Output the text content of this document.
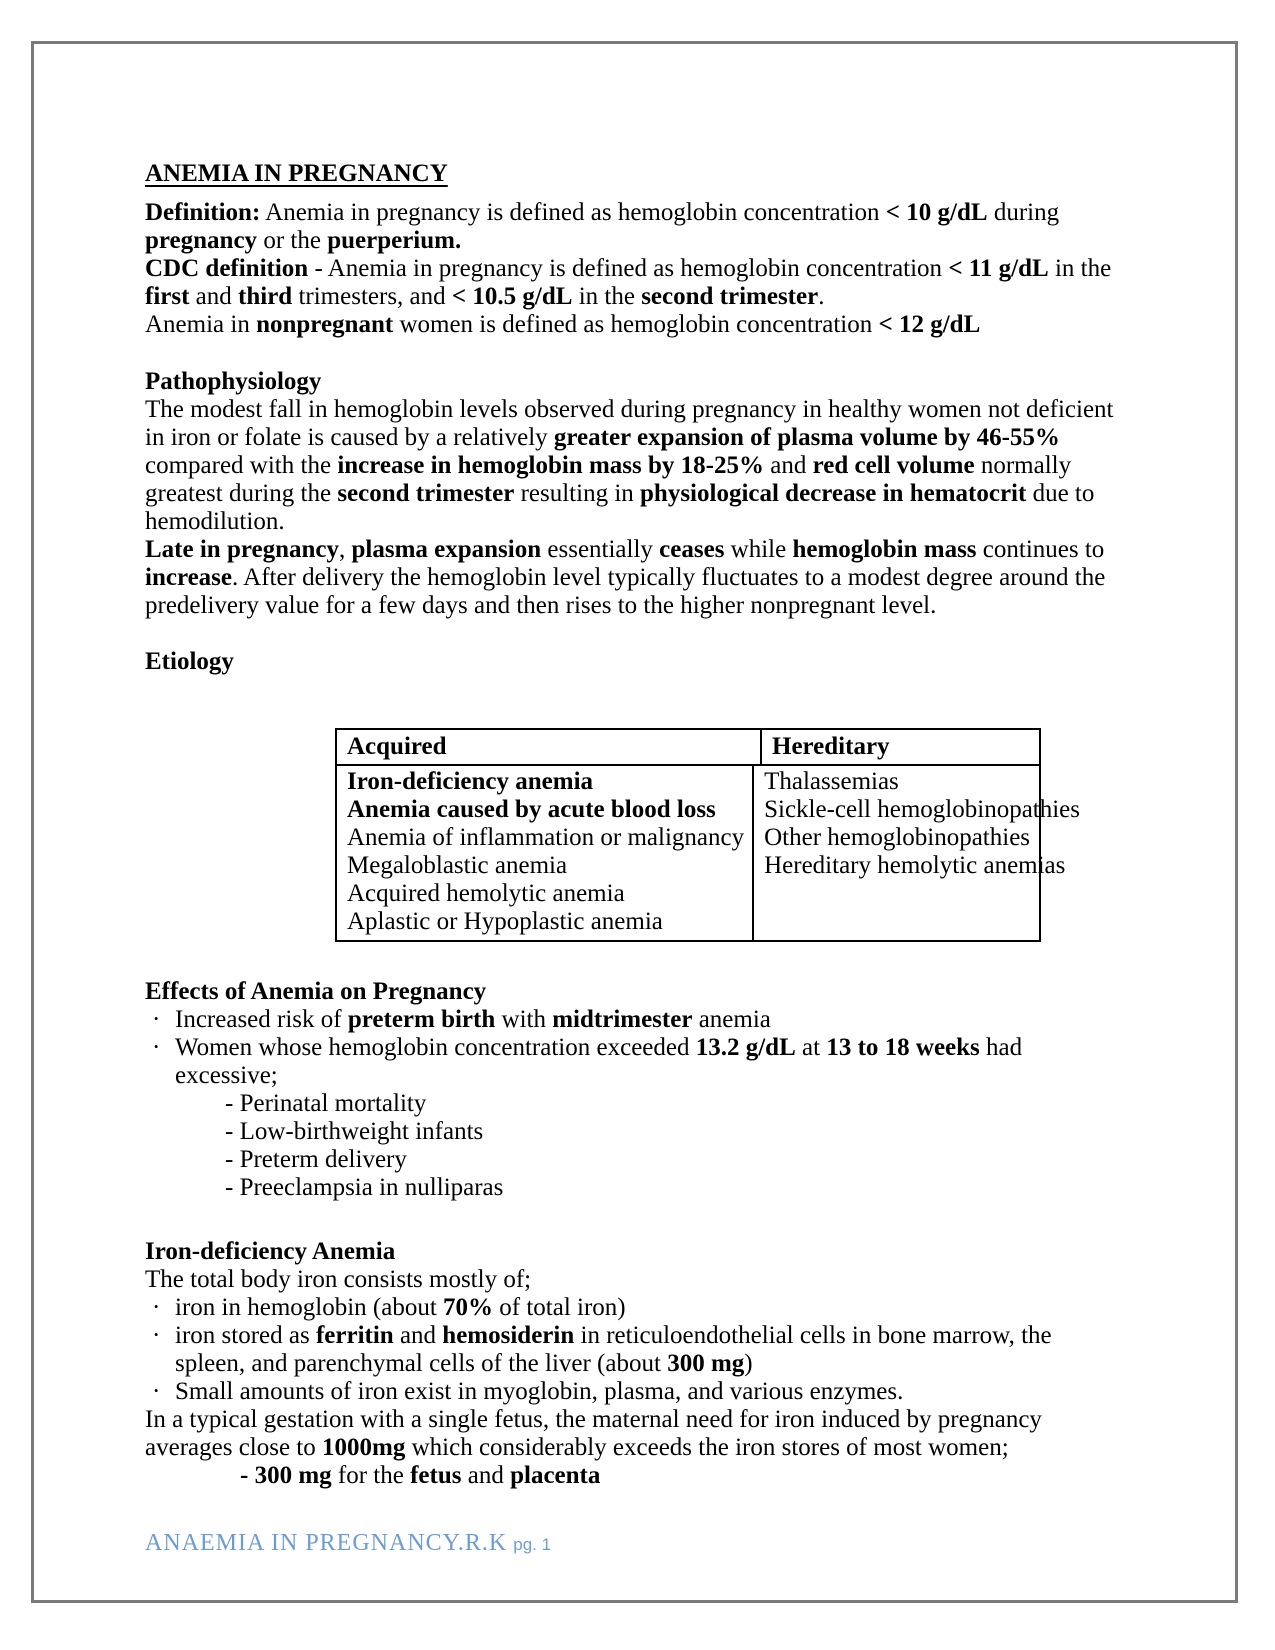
ANEMIA IN PREGNANCY
Definition: Anemia in pregnancy is defined as hemoglobin concentration < 10 g/dL during
pregnancy or the puerperium.
CDC definition - Anemia in pregnancy is defined as hemoglobin concentration < 11 g/dL in the
first and third trimesters, and < 10.5 g/dL in the second trimester.
Anemia in nonpregnant women is defined as hemoglobin concentration < 12 g/dL
Pathophysiology
The modest fall in hemoglobin levels observed during pregnancy in healthy women not deficient
in iron or folate is caused by a relatively greater expansion of plasma volume by 46-55%
compared with the increase in hemoglobin mass by 18-25% and red cell volume normally
greatest during the second trimester resulting in physiological decrease in hematocrit due to
hemodilution.
Late in pregnancy, plasma expansion essentially ceases while hemoglobin mass continues to
increase. After delivery the hemoglobin level typically fluctuates to a modest degree around the
predelivery value for a few days and then rises to the higher nonpregnant level.
Etiology
Acquired	Hereditary
Iron-deficiency anemia
Anemia caused by acute blood loss
Anemia of inflammation or malignancy
Megaloblastic anemia
Acquired hemolytic anemia
Aplastic or Hypoplastic anemia
Thalassemias
Sickle-cell hemoglobinopathies
Other hemoglobinopathies
Hereditary hemolytic anemias
Effects of Anemia on Pregnancy
· Increased risk of preterm birth with midtrimester anemia
· Women whose hemoglobin concentration exceeded 13.2 g/dL at 13 to 18 weeks had
excessive;
- Perinatal mortality
- Low-birthweight infants
- Preterm delivery
- Preeclampsia in nulliparas
Iron-deficiency Anemia
The total body iron consists mostly of;
· iron in hemoglobin (about 70% of total iron)
· iron stored as ferritin and hemosiderin in reticuloendothelial cells in bone marrow, the
spleen, and parenchymal cells of the liver (about 300 mg)
· Small amounts of iron exist in myoglobin, plasma, and various enzymes.
In a typical gestation with a single fetus, the maternal need for iron induced by pregnancy
averages close to 1000mg which considerably exceeds the iron stores of most women;
- 300 mg for the fetus and placenta
ANAEMIA IN PREGNANCY.R.K pg. 1
